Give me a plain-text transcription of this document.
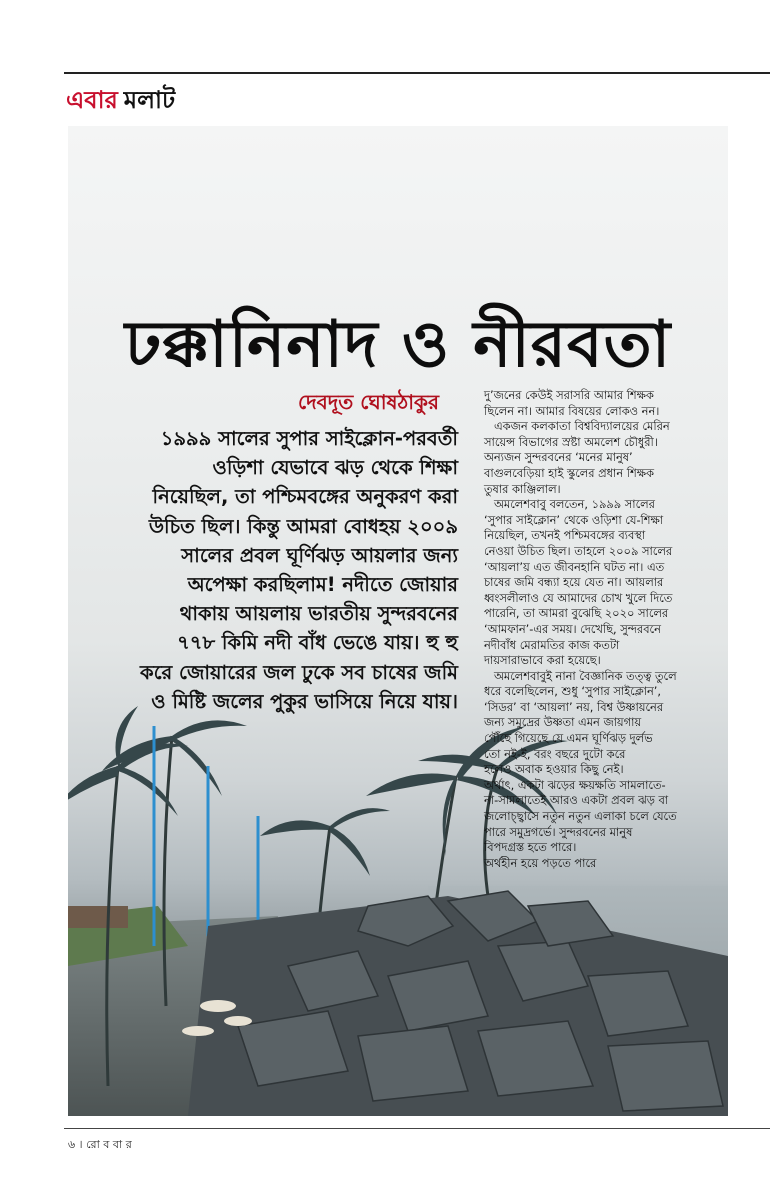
এবার মলাট
ঢক্কানিনাদ ও নীরবতা
দেবদূত ঘোষঠাকুর
১৯৯৯ সালের সুপার সাইক্লোন-পরবর্তী
ওড়িশা যেভাবে ঝড় থেকে শিক্ষা
নিয়েছিল, তা পশ্চিমবঙ্গের অনুকরণ করা
উচিত ছিল। কিন্তু আমরা বোধহয় ২০০৯
সালের প্রবল ঘূর্ণিঝড় আয়লার জন্য
অপেক্ষা করছিলাম! নদীতে জোয়ার
থাকায় আয়লায় ভারতীয় সুন্দরবনের
৭৭৮ কিমি নদী বাঁধ ভেঙে যায়। হু হু
করে জোয়ারের জল ঢুকে সব চাষের জমি
ও মিষ্টি জলের পুকুর ভাসিয়ে নিয়ে যায়।
দু’জনের কেউই সরাসরি আমার শিক্ষক
ছিলেন না। আমার বিষয়ের লোকও নন।
একজন কলকাতা বিশ্ববিদ্যালয়ের মেরিন
সায়েন্স বিভাগের স্রষ্টা অমলেশ চৌধুরী।
অন্যজন সুন্দরবনের ‘মনের মানুষ’
বাগুলবেড়িয়া হাই স্কুলের প্রধান শিক্ষক
তুষার কাঞ্জিলাল।
অমলেশবাবু বলতেন, ১৯৯৯ সালের
‘সুপার সাইক্লোন’ থেকে ওড়িশা যে-শিক্ষা
নিয়েছিল, তখনই পশ্চিমবঙ্গের ব্যবস্থা
নেওয়া উচিত ছিল। তাহলে ২০০৯ সালের
‘আয়লা’য় এত জীবনহানি ঘটত না। এত
চাষের জমি বন্ধ্যা হয়ে যেত না। আয়লার
ধ্বংসলীলাও যে আমাদের চোখ খুলে দিতে
পারেনি, তা আমরা বুঝেছি ২০২০ সালের
‘আমফান’-এর সময়। দেখেছি, সুন্দরবনে
নদীবাঁধ মেরামতির কাজ কতটা
দায়সারাভাবে করা হয়েছে।
অমলেশবাবুই নানা বৈজ্ঞানিক তত্ত্ব তুলে
ধরে বলেছিলেন, শুধু ‘সুপার সাইক্লোন’,
‘সিডর’ বা ‘আয়লা’ নয়, বিশ্ব উষ্ণায়নের
জন্য সমুদ্রের উষ্ণতা এমন জায়গায়
পৌঁছে গিয়েছে যে এমন ঘূর্ণিঝড় দুর্লভ
তো নই-ই, বরং বছরে দুটো করে
হলেও অবাক হওয়ার কিছু নেই।
অর্থাৎ, একটা ঝড়ের ক্ষয়ক্ষতি সামলাতে-
না-সামলাতেই আরও একটা প্রবল ঝড় বা
জলোচ্ছ্বাসে নতুন নতুন এলাকা চলে যেতে
পারে সমুদ্রগর্ভে। সুন্দরবনের মানুষ
বিপদগ্রস্ত হতে পারে।
অর্থহীন হয়ে পড়তে পারে
৬ । রো ব বা র
